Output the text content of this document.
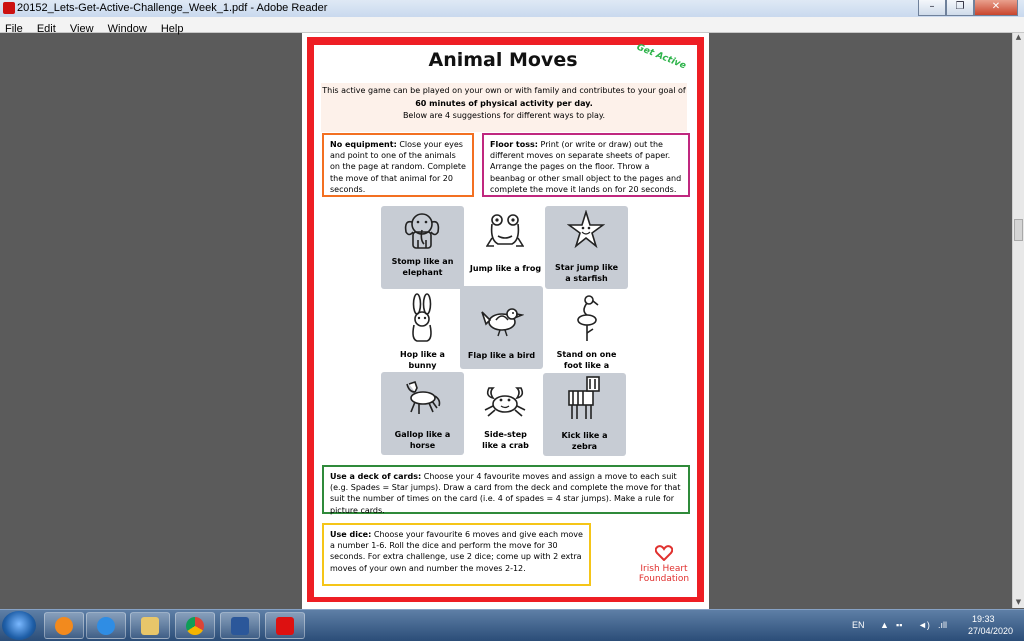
20152_Lets-Get-Active-Challenge_Week_1.pdf - Adobe Reader	–	❐	✕
File Edit View Window Help
▲
▼
Animal Moves	Get Active
This active game can be played on your own or with family and contributes to your goal of
60 minutes of physical activity per day.
Below are 4 suggestions for different ways to play.
No equipment: Close your eyes and point to one of the animals on the page at random. Complete the move of that animal for 20 seconds.
Floor toss: Print (or write or draw) out the different moves on separate sheets of paper. Arrange the pages on the floor. Throw a beanbag or other small object to the pages and complete the move it lands on for 20 seconds.
Stomp like an
elephant	Jump like a frog	Star jump like
a starfish
Hop like a
bunny
Flap like a bird	Stand on one
foot like a
Gallop like a
horse
Side-step
like a crab
Kick like a
zebra
Use a deck of cards: Choose your 4 favourite moves and assign a move to each suit (e.g. Spades = Star jumps). Draw a card from the deck and complete the move for that suit the number of times on the card (i.e. 4 of spades = 4 star jumps). Make a rule for picture cards.
Use dice: Choose your favourite 6 moves and give each move a number 1-6. Roll the dice and perform the move for 30 seconds. For extra challenge, use 2 dice; come up with 2 extra moves of your own and number the moves 2-12.	Irish Heart
Foundation
EN ▲ ▪▪ ◄) .ıll
19:33
27/04/2020
